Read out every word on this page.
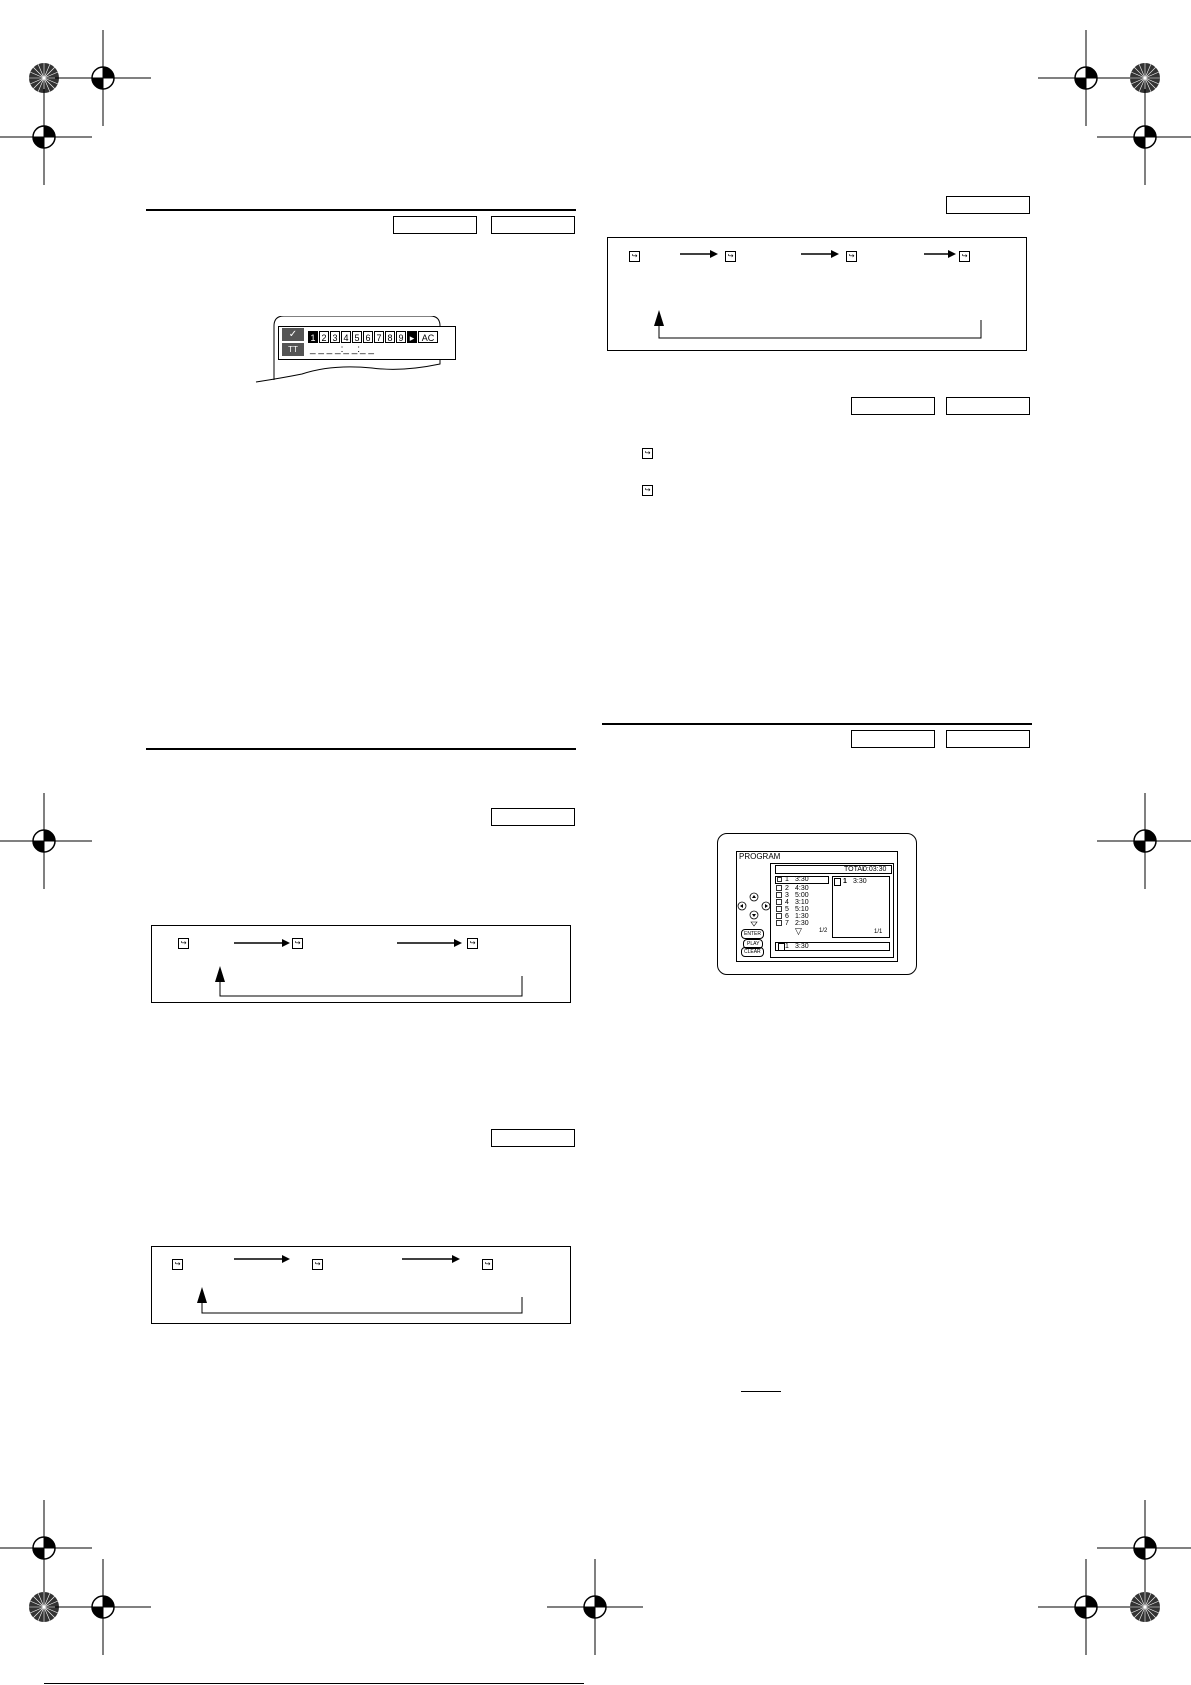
✓
TT
1 2 3 4 5 6 7 8 9 ▸ AC
_ _ _ _:_ _:_ _
↪	↪	↪
↪	↪	↪
↪	↪	↪	↪
↪
↪
PROGRAM
TOTAL
0:03:30
1 3:30
2 4:30
3 5:00
4 3:10
5 5:10
6 1:30
7 2:30
▽	1/2
1 3:30
1/1
1 3:30
ENTER
PLAY
CLEAR
